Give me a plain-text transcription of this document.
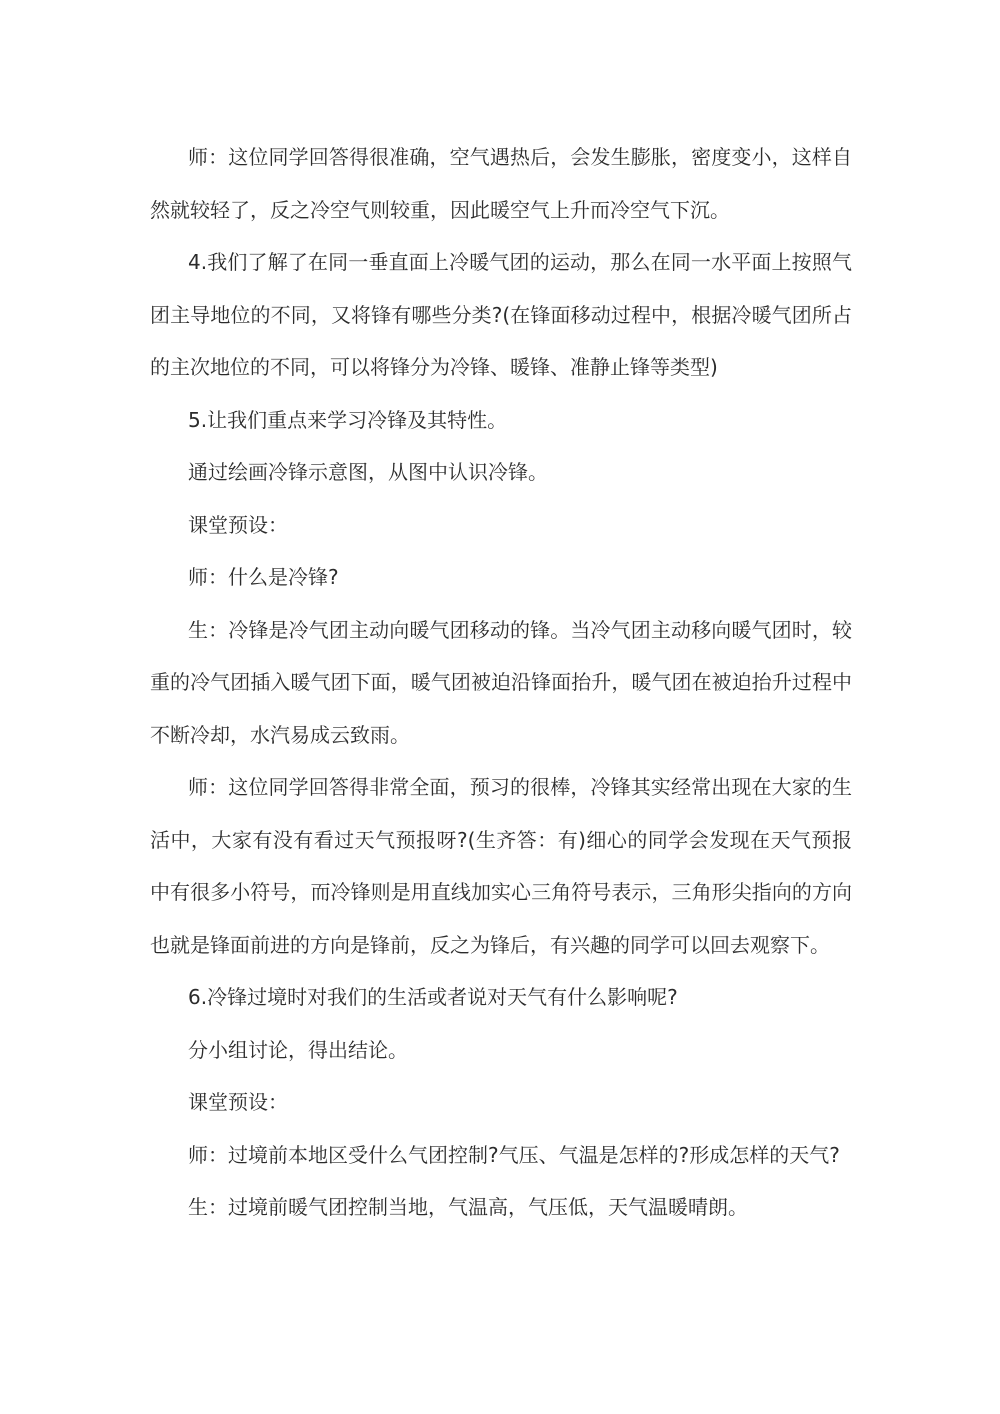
师：这位同学回答得很准确，空气遇热后，会发生膨胀，密度变小，这样自然就较轻了，反之冷空气则较重，因此暖空气上升而冷空气下沉。

4.我们了解了在同一垂直面上冷暖气团的运动，那么在同一水平面上按照气团主导地位的不同，又将锋有哪些分类?(在锋面移动过程中，根据冷暖气团所占的主次地位的不同，可以将锋分为冷锋、暖锋、准静止锋等类型)

5.让我们重点来学习冷锋及其特性。

通过绘画冷锋示意图，从图中认识冷锋。

课堂预设：

师：什么是冷锋?

生：冷锋是冷气团主动向暖气团移动的锋。当冷气团主动移向暖气团时，较重的冷气团插入暖气团下面，暖气团被迫沿锋面抬升，暖气团在被迫抬升过程中不断冷却，水汽易成云致雨。

师：这位同学回答得非常全面，预习的很棒，冷锋其实经常出现在大家的生活中，大家有没有看过天气预报呀?(生齐答：有)细心的同学会发现在天气预报中有很多小符号，而冷锋则是用直线加实心三角符号表示，三角形尖指向的方向也就是锋面前进的方向是锋前，反之为锋后，有兴趣的同学可以回去观察下。

6.冷锋过境时对我们的生活或者说对天气有什么影响呢?

分小组讨论，得出结论。

课堂预设：

师：过境前本地区受什么气团控制?气压、气温是怎样的?形成怎样的天气?

生：过境前暖气团控制当地，气温高，气压低，天气温暖晴朗。
